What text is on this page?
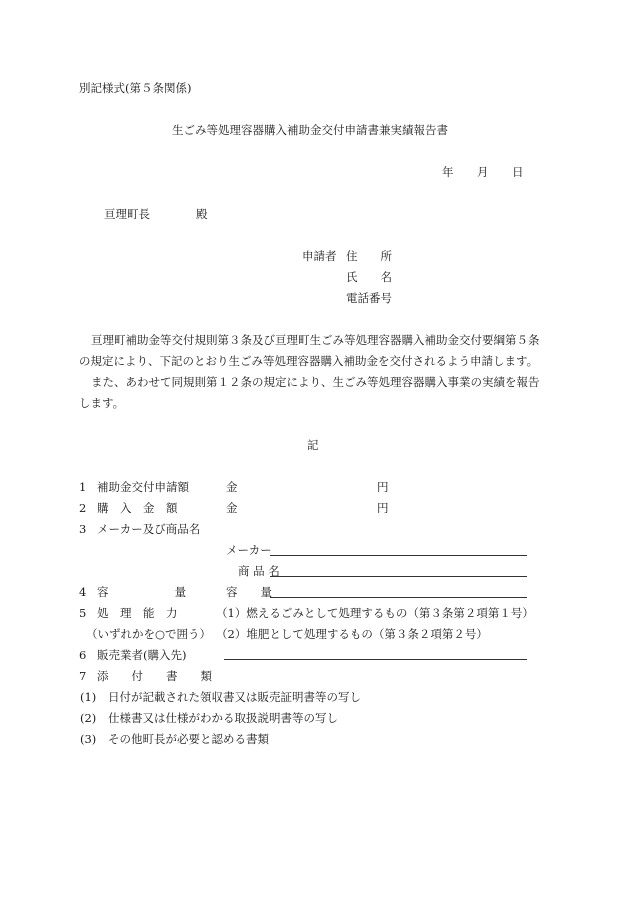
別記様式(第５条関係)
生ごみ等処理容器購入補助金交付申請書兼実績報告書
年 月 日
亘理町長	殿
申請者 住　　所
氏　　名
電話番号
亘理町補助金等交付規則第３条及び亘理町生ごみ等処理容器購入補助金交付要綱第５条
の規定により、下記のとおり生ごみ等処理容器購入補助金を交付されるよう申請します。
また、あわせて同規則第１２条の規定により、生ごみ等処理容器購入事業の実績を報告
します。
記
1 補助金交付申請額	金	円
2 購　入　金　額	金	円
3 メーカー及び商品名
メーカー
商 品 名
4 容　　　　量	容　　量
5 処　理　能　力	（1）燃えるごみとして処理するもの（第３条第２項第１号）
（いずれかを○で囲う） （2）堆肥として処理するもの（第３条２項第２号）
6 販売業者(購入先)
7 添　　付　　書　　類
(1) 日付が記載された領収書又は販売証明書等の写し
(2) 仕様書又は仕様がわかる取扱説明書等の写し
(3) その他町長が必要と認める書類
